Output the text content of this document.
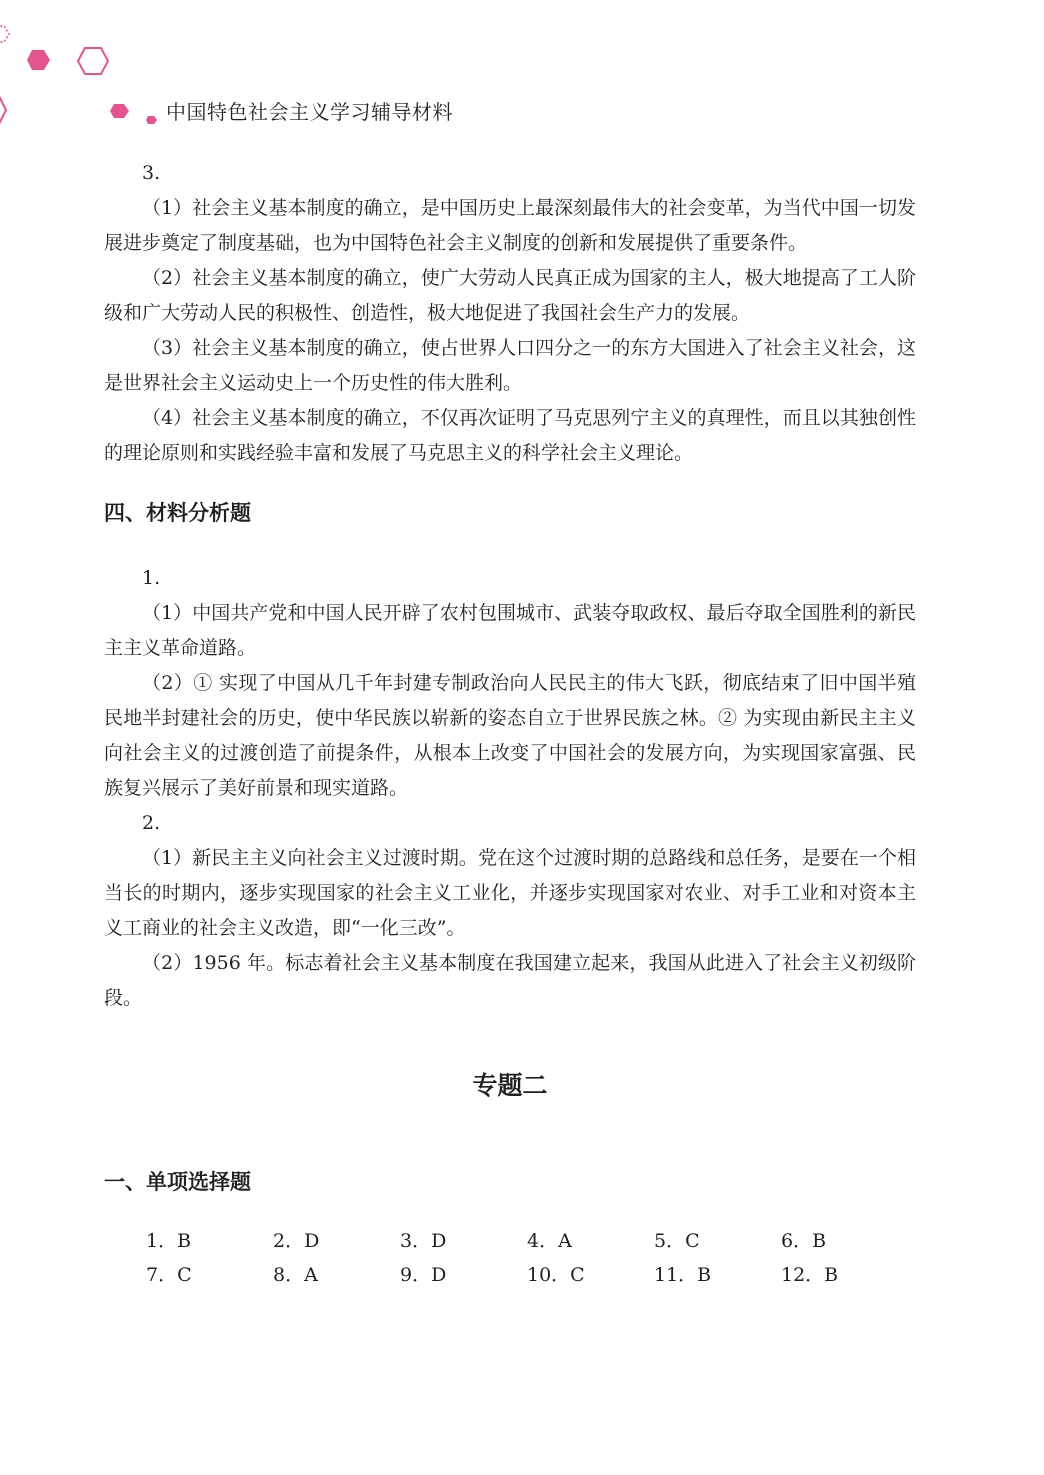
中国特色社会主义学习辅导材料

3.

（1）社会主义基本制度的确立，是中国历史上最深刻最伟大的社会变革，为当代中国一切发展进步奠定了制度基础，也为中国特色社会主义制度的创新和发展提供了重要条件。

（2）社会主义基本制度的确立，使广大劳动人民真正成为国家的主人，极大地提高了工人阶级和广大劳动人民的积极性、创造性，极大地促进了我国社会生产力的发展。

（3）社会主义基本制度的确立，使占世界人口四分之一的东方大国进入了社会主义社会，这是世界社会主义运动史上一个历史性的伟大胜利。

（4）社会主义基本制度的确立，不仅再次证明了马克思列宁主义的真理性，而且以其独创性的理论原则和实践经验丰富和发展了马克思主义的科学社会主义理论。

四、材料分析题

1.

（1）中国共产党和中国人民开辟了农村包围城市、武装夺取政权、最后夺取全国胜利的新民主主义革命道路。

（2）① 实现了中国从几千年封建专制政治向人民民主的伟大飞跃，彻底结束了旧中国半殖民地半封建社会的历史，使中华民族以崭新的姿态自立于世界民族之林。② 为实现由新民主主义向社会主义的过渡创造了前提条件，从根本上改变了中国社会的发展方向，为实现国家富强、民族复兴展示了美好前景和现实道路。

2.

（1）新民主主义向社会主义过渡时期。党在这个过渡时期的总路线和总任务，是要在一个相当长的时期内，逐步实现国家的社会主义工业化，并逐步实现国家对农业、对手工业和对资本主义工商业的社会主义改造，即“一化三改”。

（2）1956 年。标志着社会主义基本制度在我国建立起来，我国从此进入了社会主义初级阶段。

专题二
一、单项选择题
1．B	2．D	3．D	4．A	5．C	6．B
7．C	8．A	9．D	10．C	11．B	12．B
